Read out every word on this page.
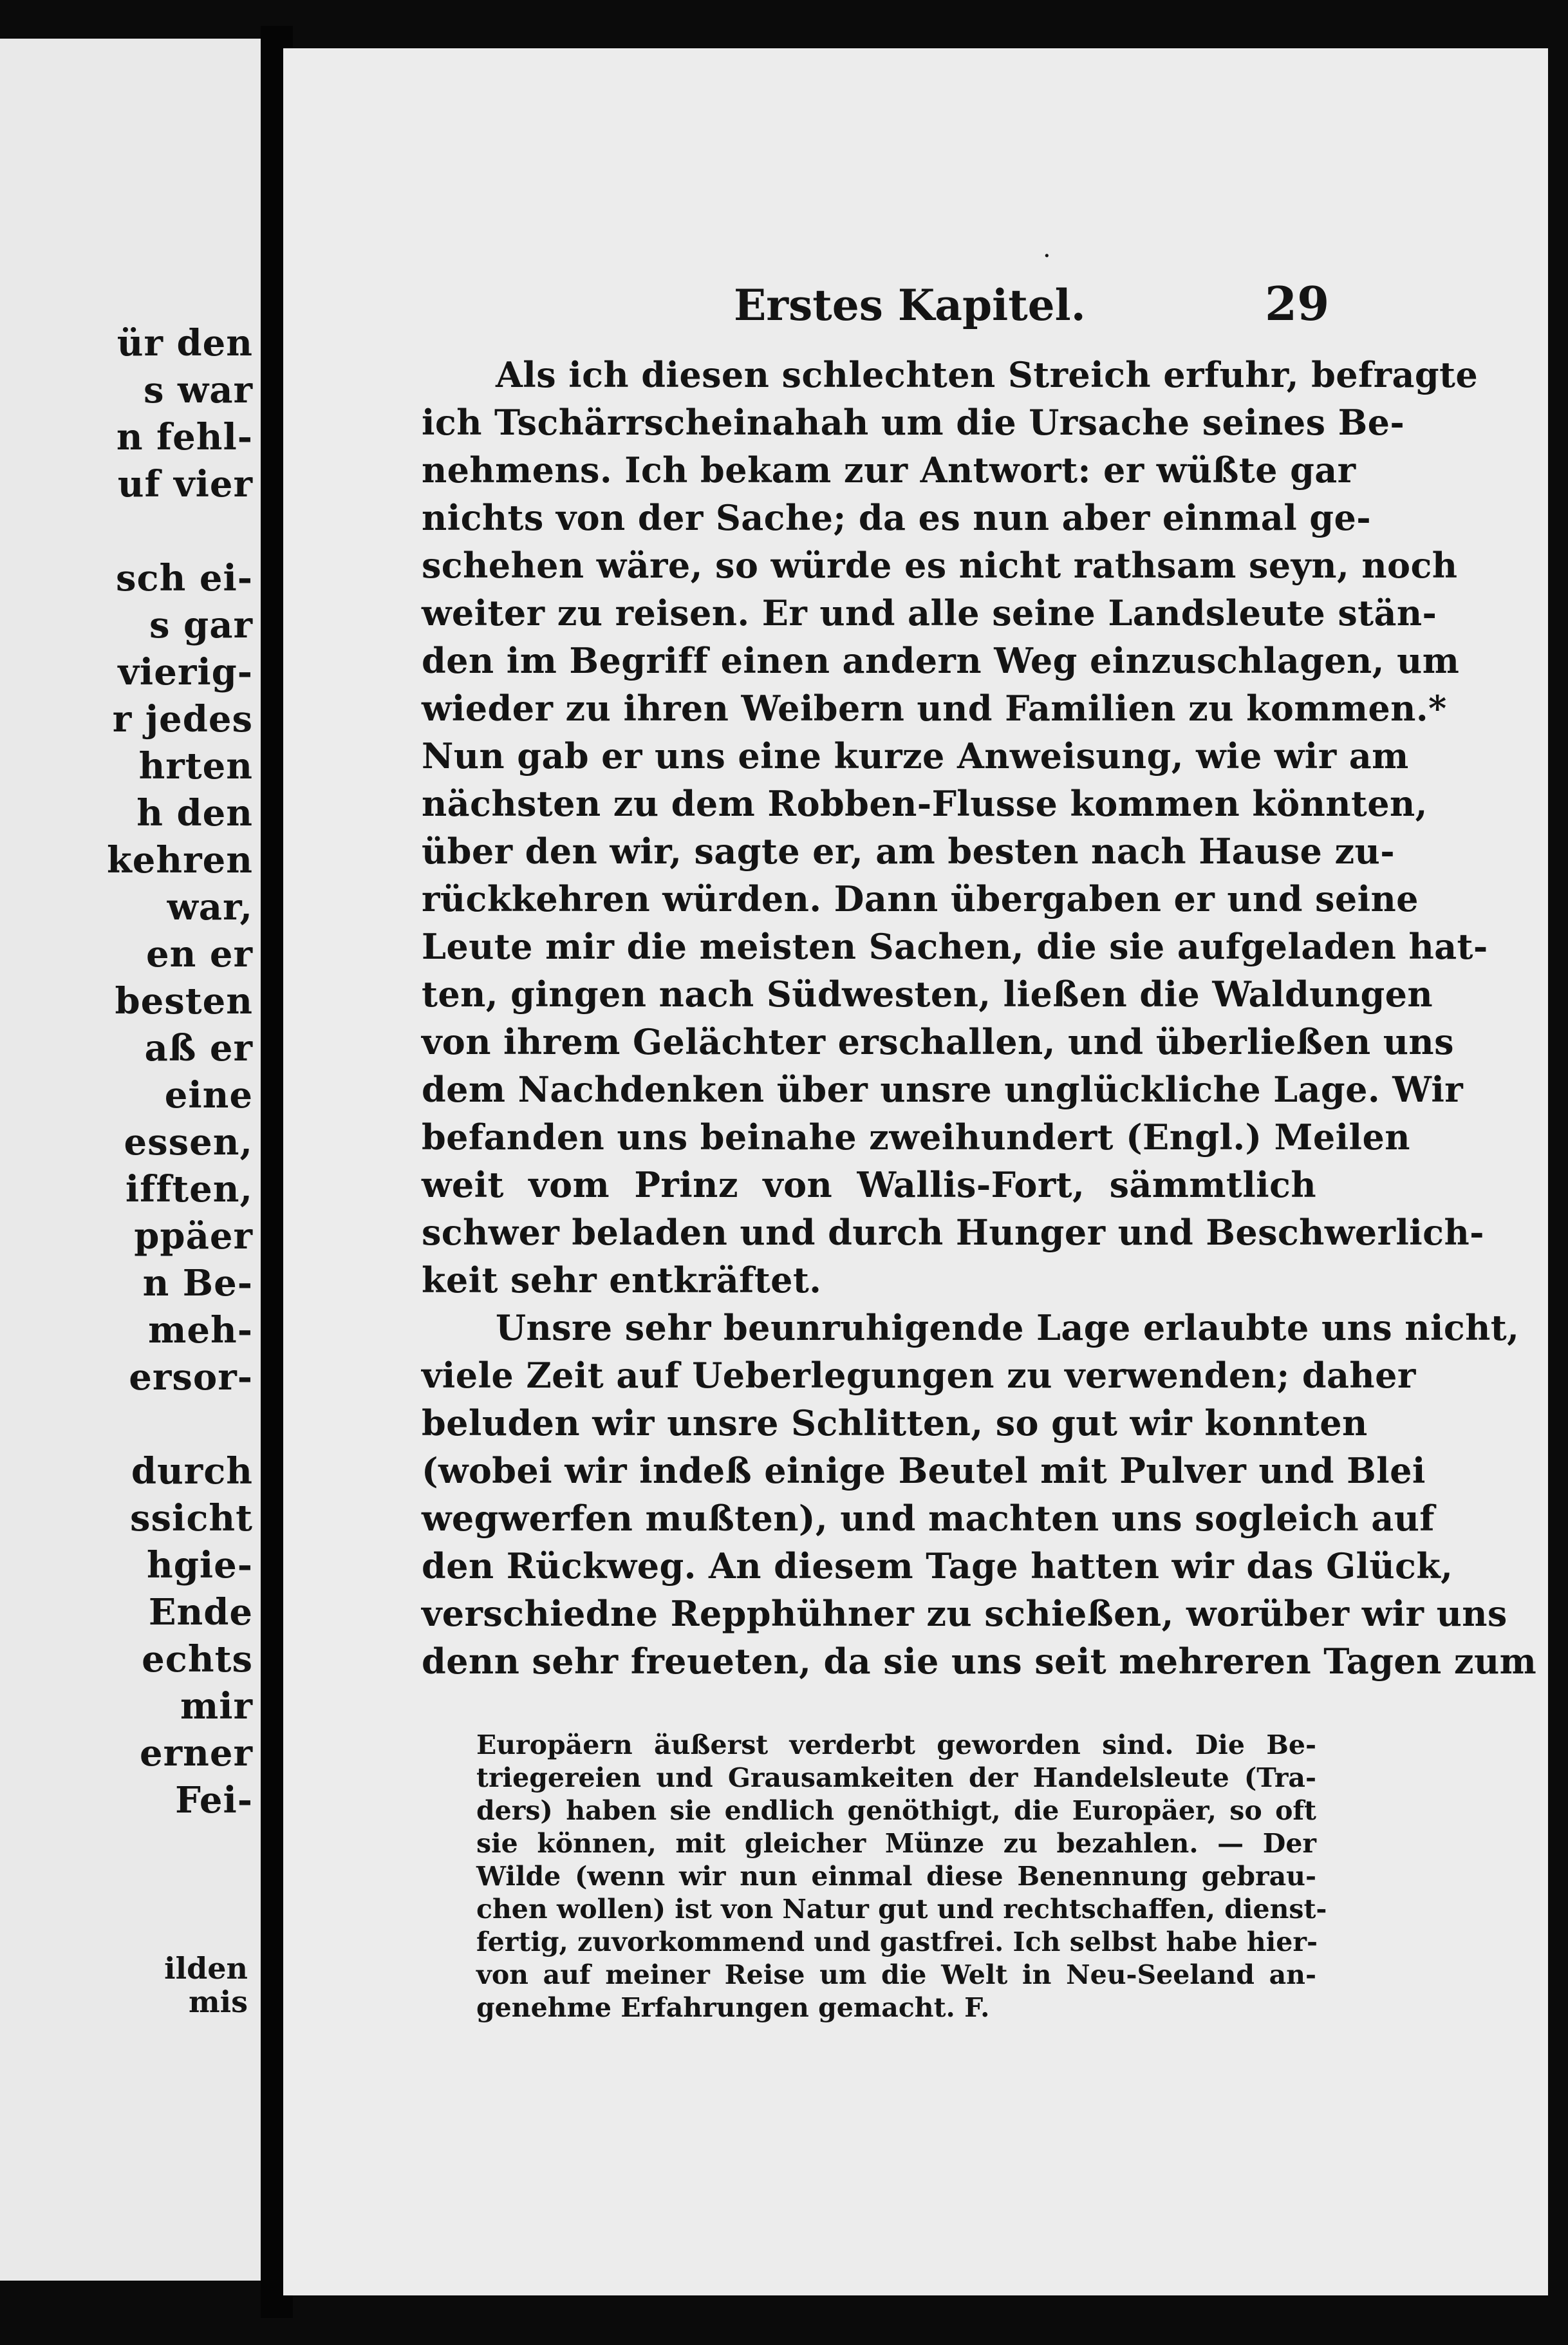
ür den
s war
n fehl-
uf vier
sch ei-
s gar
vierig-
r jedes
hrten
h den
kehren
war,
en er
besten
aß er
eine
essen,
ifften,
ppäer
n Be-
meh-
ersor-
durch
ssicht
hgie-
Ende
echts
mir
erner
Fei-
ilden
mis
·
Erstes Kapitel.	29
Als ich diesen schlechten Streich erfuhr, befragte
ich Tschärrscheinahah um die Ursache seines Be-
nehmens. Ich bekam zur Antwort: er wüßte gar
nichts von der Sache; da es nun aber einmal ge-
schehen wäre, so würde es nicht rathsam seyn, noch
weiter zu reisen. Er und alle seine Landsleute stän-
den im Begriff einen andern Weg einzuschlagen, um
wieder zu ihren Weibern und Familien zu kommen.*
Nun gab er uns eine kurze Anweisung, wie wir am
nächsten zu dem Robben-Flusse kommen könnten,
über den wir, sagte er, am besten nach Hause zu-
rückkehren würden. Dann übergaben er und seine
Leute mir die meisten Sachen, die sie aufgeladen hat-
ten, gingen nach Südwesten, ließen die Waldungen
von ihrem Gelächter erschallen, und überließen uns
dem Nachdenken über unsre unglückliche Lage. Wir
befanden uns beinahe zweihundert (Engl.) Meilen
weit vom Prinz von Wallis-Fort, sämmtlich
schwer beladen und durch Hunger und Beschwerlich-
keit sehr entkräftet.
Unsre sehr beunruhigende Lage erlaubte uns nicht,
viele Zeit auf Ueberlegungen zu verwenden; daher
beluden wir unsre Schlitten, so gut wir konnten
(wobei wir indeß einige Beutel mit Pulver und Blei
wegwerfen mußten), und machten uns sogleich auf
den Rückweg. An diesem Tage hatten wir das Glück,
verschiedne Repphühner zu schießen, worüber wir uns
denn sehr freueten, da sie uns seit mehreren Tagen zum
Europäern äußerst verderbt geworden sind. Die Be-
triegereien und Grausamkeiten der Handelsleute (Tra-
ders) haben sie endlich genöthigt, die Europäer, so oft
sie können, mit gleicher Münze zu bezahlen. — Der
Wilde (wenn wir nun einmal diese Benennung gebrau-
chen wollen) ist von Natur gut und rechtschaffen, dienst-
fertig, zuvorkommend und gastfrei. Ich selbst habe hier-
von auf meiner Reise um die Welt in Neu-Seeland an-
genehme Erfahrungen gemacht. F.
